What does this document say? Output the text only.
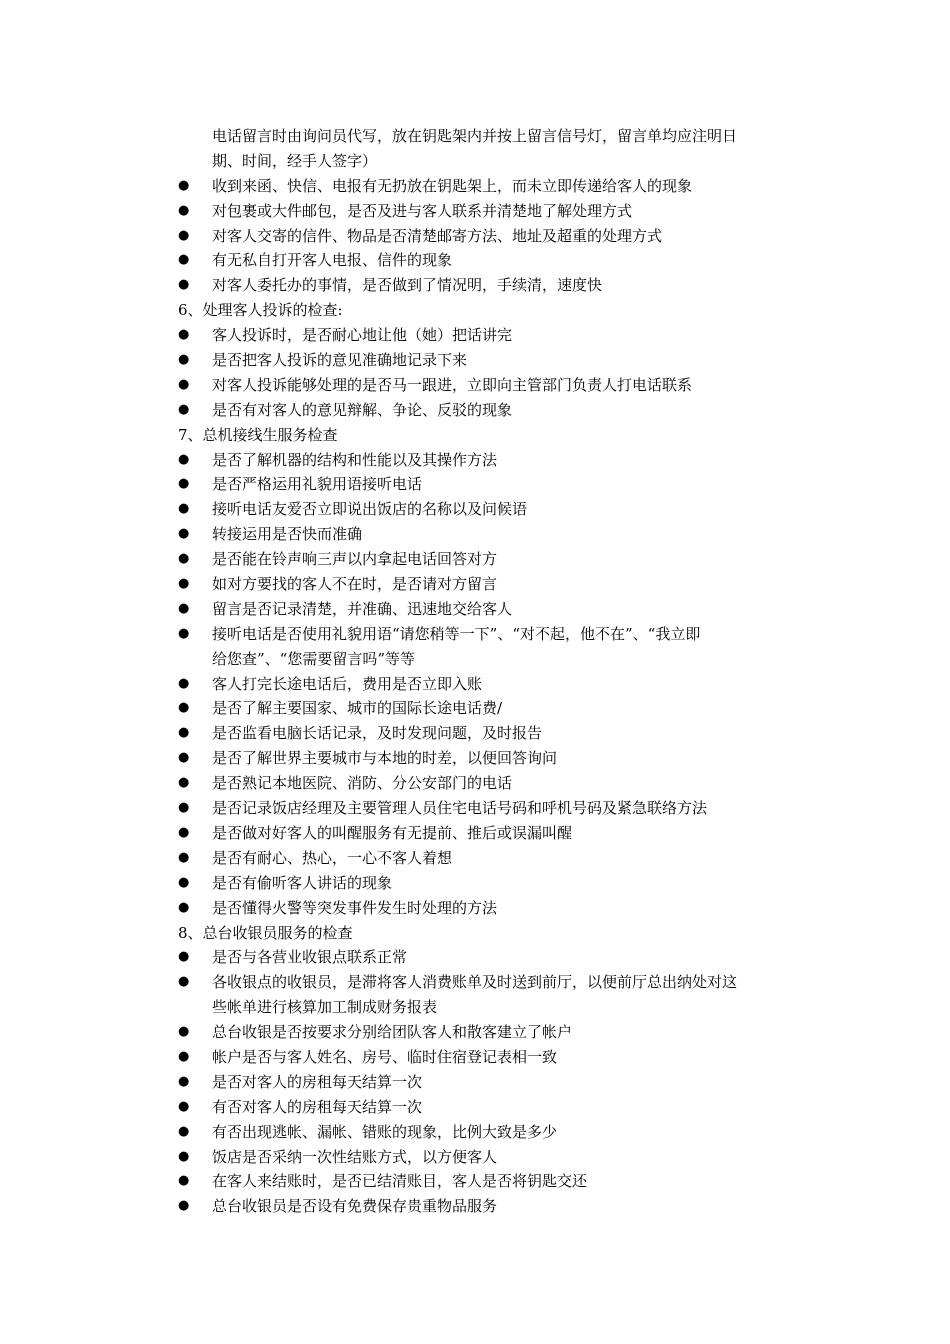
电话留言时由询问员代写，放在钥匙架内并按上留言信号灯，留言单均应注明日
期、时间，经手人签字）
●	收到来函、快信、电报有无扔放在钥匙架上，而未立即传递给客人的现象
●	对包裹或大件邮包，是否及进与客人联系并清楚地了解处理方式
●	对客人交寄的信件、物品是否清楚邮寄方法、地址及超重的处理方式
●	有无私自打开客人电报、信件的现象
●	对客人委托办的事情，是否做到了情况明，手续清，速度快
6、处理客人投诉的检查:
●	客人投诉时，是否耐心地让他（她）把话讲完
●	是否把客人投诉的意见准确地记录下来
●	对客人投诉能够处理的是否马一跟进，立即向主管部门负责人打电话联系
●	是否有对客人的意见辩解、争论、反驳的现象
7、总机接线生服务检查
●	是否了解机器的结构和性能以及其操作方法
●	是否严格运用礼貌用语接听电话
●	接听电话友爱否立即说出饭店的名称以及问候语
●	转接运用是否快而准确
●	是否能在铃声响三声以内拿起电话回答对方
●	如对方要找的客人不在时，是否请对方留言
●	留言是否记录清楚，并准确、迅速地交给客人
●	接听电话是否使用礼貌用语“请您稍等一下”、“对不起，他不在”、“我立即
给您查”、“您需要留言吗”等等
●	客人打完长途电话后，费用是否立即入账
●	是否了解主要国家、城市的国际长途电话费/
●	是否监看电脑长话记录，及时发现问题，及时报告
●	是否了解世界主要城市与本地的时差，以便回答询问
●	是否熟记本地医院、消防、分公安部门的电话
●	是否记录饭店经理及主要管理人员住宅电话号码和呼机号码及紧急联络方法
●	是否做对好客人的叫醒服务有无提前、推后或误漏叫醒
●	是否有耐心、热心，一心不客人着想
●	是否有偷听客人讲话的现象
●	是否懂得火警等突发事件发生时处理的方法
8、总台收银员服务的检查
●	是否与各营业收银点联系正常
●	各收银点的收银员，是滞将客人消费账单及时送到前厅，以便前厅总出纳处对这
些帐单进行核算加工制成财务报表
●	总台收银是否按要求分别给团队客人和散客建立了帐户
●	帐户是否与客人姓名、房号、临时住宿登记表相一致
●	是否对客人的房租每天结算一次
●	有否对客人的房租每天结算一次
●	有否出现逃帐、漏帐、错账的现象，比例大致是多少
●	饭店是否采纳一次性结账方式，以方便客人
●	在客人来结账时，是否已结清账目，客人是否将钥匙交还
●	总台收银员是否设有免费保存贵重物品服务
